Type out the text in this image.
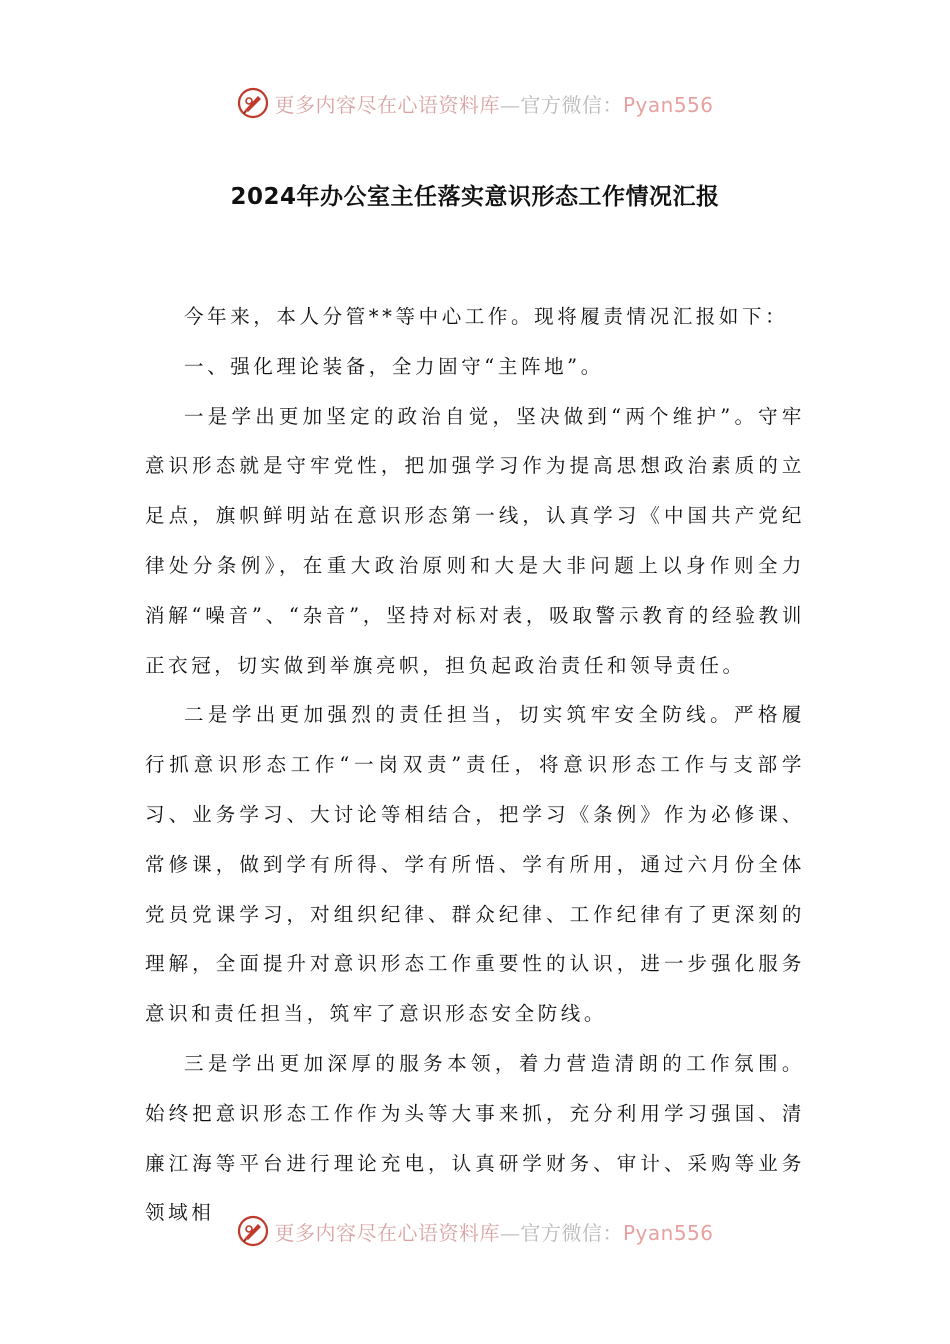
更多内容尽在心语资料库—官方微信：Pyan556
2024年办公室主任落实意识形态工作情况汇报

今年来，本人分管**等中心工作。现将履责情况汇报如下：

一、强化理论装备，全力固守“主阵地”。

一是学出更加坚定的政治自觉，坚决做到“两个维护”。守牢意识形态就是守牢党性，把加强学习作为提高思想政治素质的立足点，旗帜鲜明站在意识形态第一线，认真学习《中国共产党纪律处分条例》，在重大政治原则和大是大非问题上以身作则全力消解“噪音”、“杂音”，坚持对标对表，吸取警示教育的经验教训正衣冠，切实做到举旗亮帜，担负起政治责任和领导责任。

二是学出更加强烈的责任担当，切实筑牢安全防线。严格履行抓意识形态工作“一岗双责”责任，将意识形态工作与支部学习、业务学习、大讨论等相结合，把学习《条例》作为必修课、常修课，做到学有所得、学有所悟、学有所用，通过六月份全体党员党课学习，对组织纪律、群众纪律、工作纪律有了更深刻的理解，全面提升对意识形态工作重要性的认识，进一步强化服务意识和责任担当，筑牢了意识形态安全防线。

三是学出更加深厚的服务本领，着力营造清朗的工作氛围。始终把意识形态工作作为头等大事来抓，充分利用学习强国、清廉江海等平台进行理论充电，认真研学财务、审计、采购等业务领域相

更多内容尽在心语资料库—官方微信：Pyan556
